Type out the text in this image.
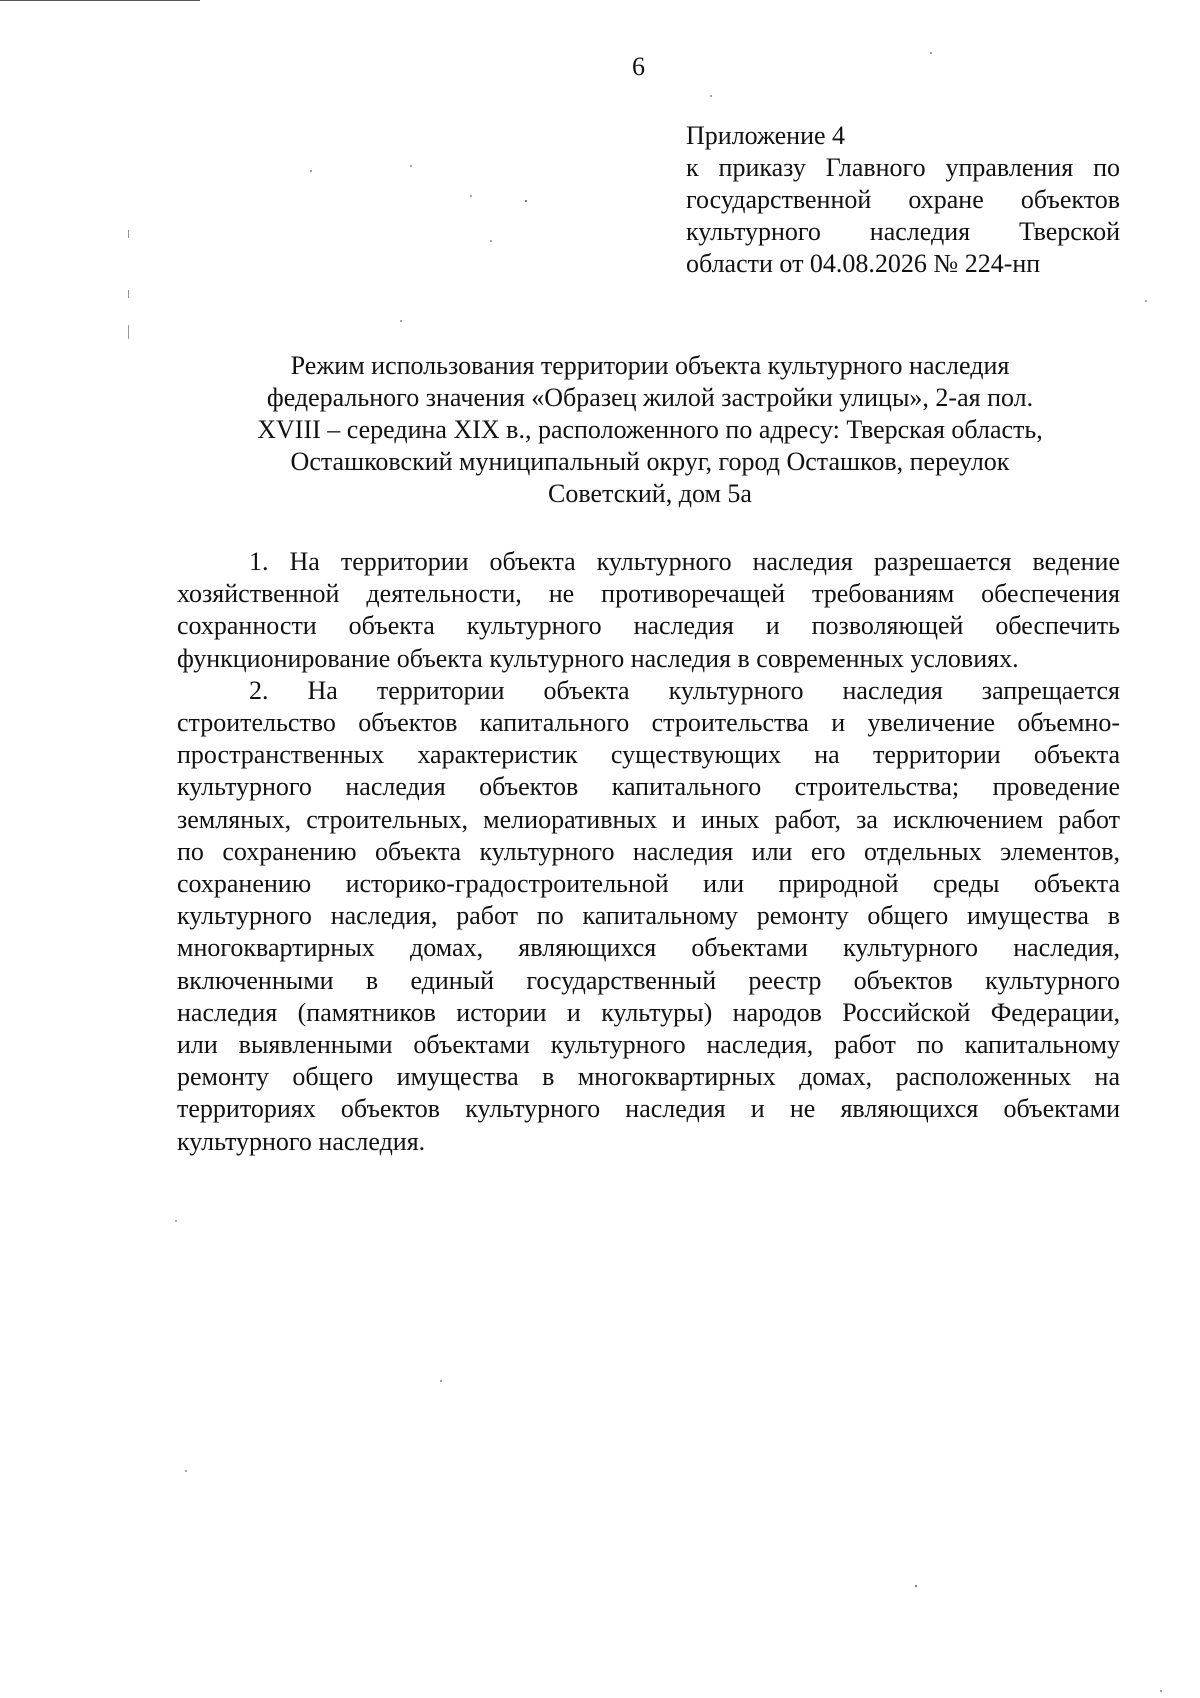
6
Приложение 4
к приказу Главного управления по
государственной охране объектов
культурного наследия Тверской
области от 04.08.2026 № 224-нп
Режим использования территории объекта культурного наследия
федерального значения «Образец жилой застройки улицы», 2-ая пол.
XVIII – середина XIX в., расположенного по адресу: Тверская область,
Осташковский муниципальный округ, город Осташков, переулок
Советский, дом 5а
1. На территории объекта культурного наследия разрешается ведение
хозяйственной деятельности, не противоречащей требованиям обеспечения
сохранности объекта культурного наследия и позволяющей обеспечить
функционирование объекта культурного наследия в современных условиях.
2. На территории объекта культурного наследия запрещается
строительство объектов капитального строительства и увеличение объемно-
пространственных характеристик существующих на территории объекта
культурного наследия объектов капитального строительства; проведение
земляных, строительных, мелиоративных и иных работ, за исключением работ
по сохранению объекта культурного наследия или его отдельных элементов,
сохранению историко-градостроительной или природной среды объекта
культурного наследия, работ по капитальному ремонту общего имущества в
многоквартирных домах, являющихся объектами культурного наследия,
включенными в единый государственный реестр объектов культурного
наследия (памятников истории и культуры) народов Российской Федерации,
или выявленными объектами культурного наследия, работ по капитальному
ремонту общего имущества в многоквартирных домах, расположенных на
территориях объектов культурного наследия и не являющихся объектами
культурного наследия.
